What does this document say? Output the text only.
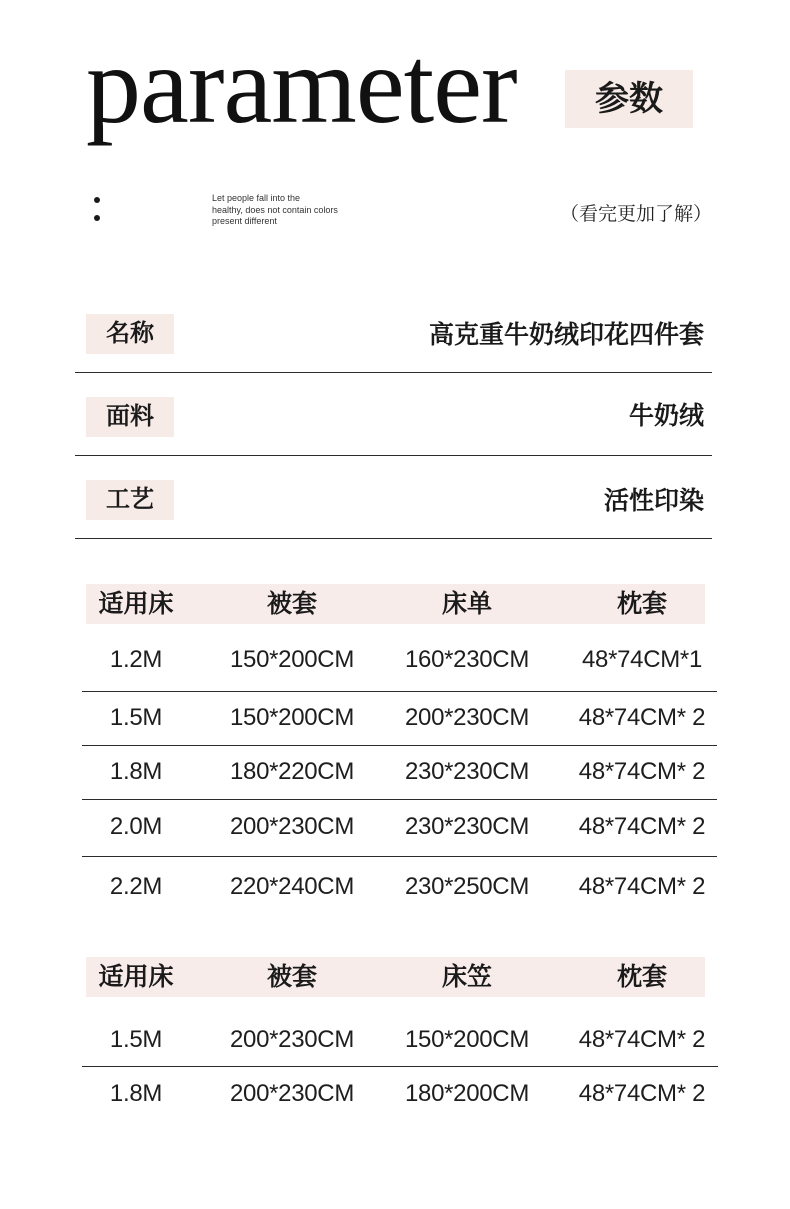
parameter	参数
Let people fall into the
healthy, does not contain colors
present different	（看完更加了解）
名称	高克重牛奶绒印花四件套
面料	牛奶绒
工艺	活性印染
适用床	被套	床单	枕套
1.2M	150*200CM	160*230CM	48*74CM*1
1.5M	150*200CM	200*230CM	48*74CM* 2
1.8M	180*220CM	230*230CM	48*74CM* 2
2.0M	200*230CM	230*230CM	48*74CM* 2
2.2M	220*240CM	230*250CM	48*74CM* 2
适用床	被套	床笠	枕套
1.5M	200*230CM	150*200CM	48*74CM* 2
1.8M	200*230CM	180*200CM	48*74CM* 2
